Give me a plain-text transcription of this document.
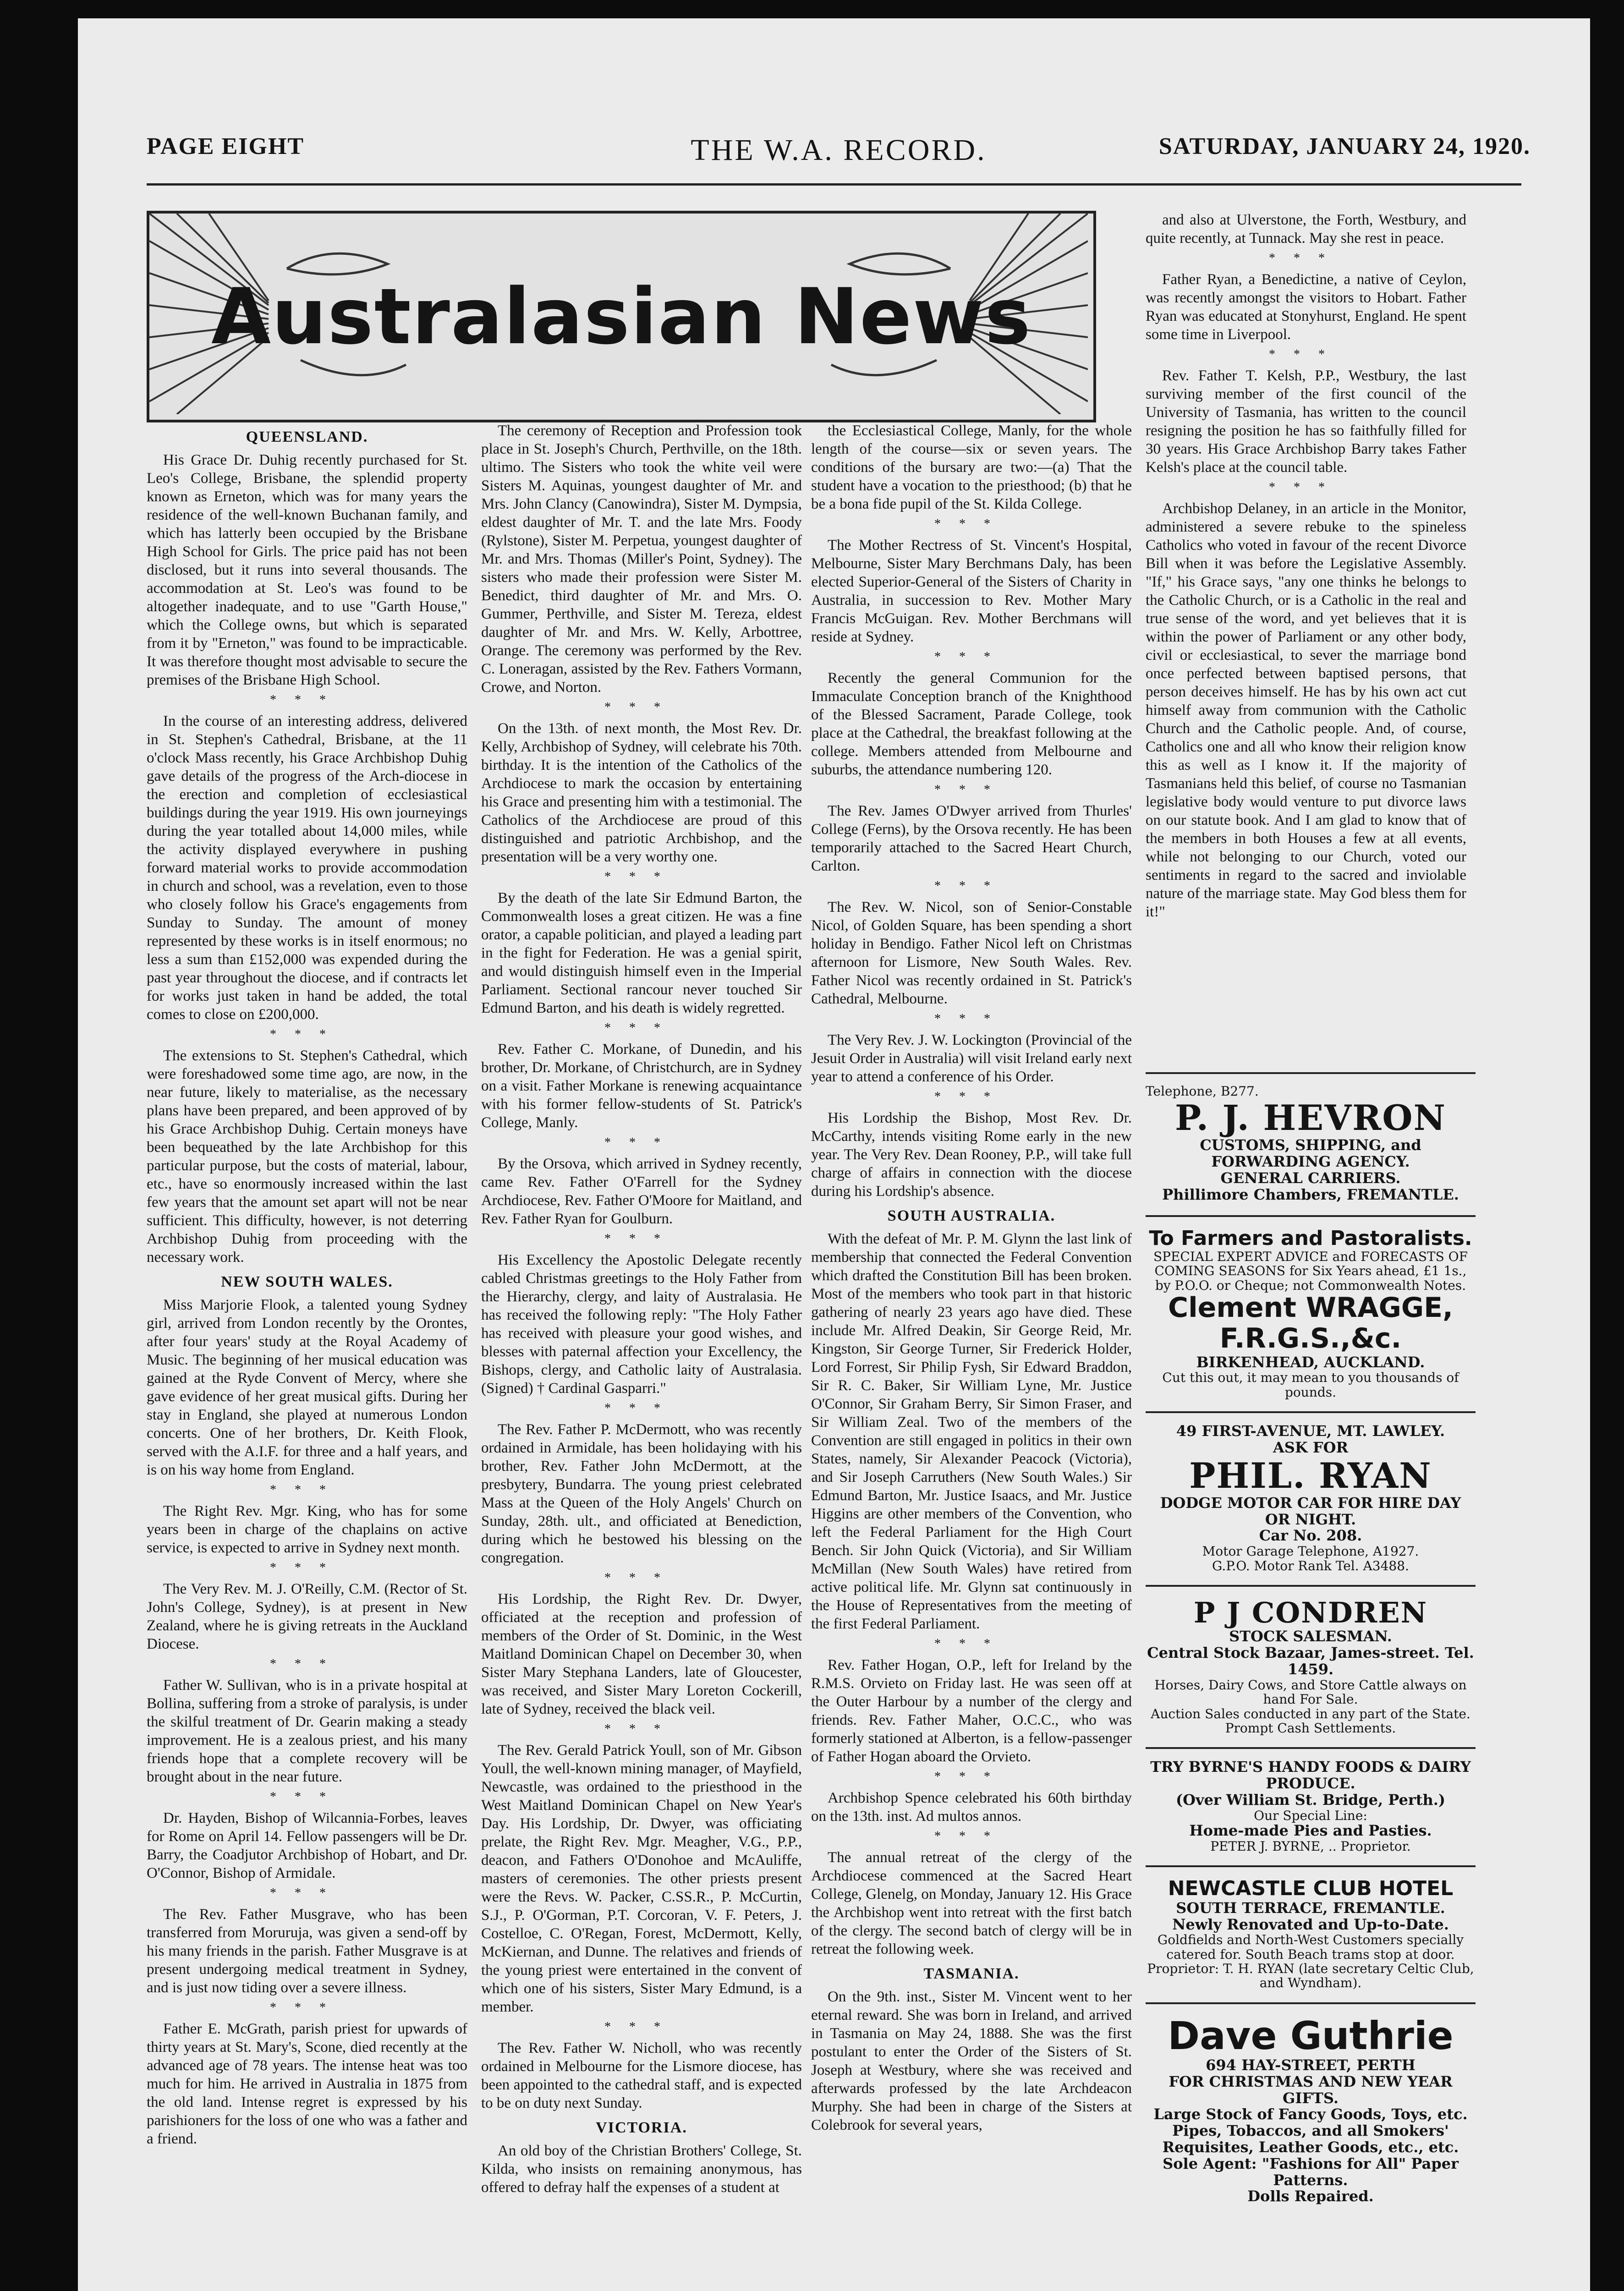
THE W.A. RECORD.
PAGE EIGHT	SATURDAY, JANUARY 24, 1920.
Australasian News
QUEENSLAND.

His Grace Dr. Duhig recently purchased for St. Leo's College, Brisbane, the splendid property known as Erneton, which was for many years the residence of the well-known Buchanan family, and which has latterly been occupied by the Brisbane High School for Girls. The price paid has not been disclosed, but it runs into several thousands. The accommodation at St. Leo's was found to be altogether inadequate, and to use "Garth House," which the College owns, but which is separated from it by "Erneton," was found to be impracticable. It was therefore thought most advisable to secure the premises of the Brisbane High School.

***

In the course of an interesting address, delivered in St. Stephen's Cathedral, Brisbane, at the 11 o'clock Mass recently, his Grace Archbishop Duhig gave details of the progress of the Arch-diocese in the erection and completion of ecclesiastical buildings during the year 1919. His own journeyings during the year totalled about 14,000 miles, while the activity displayed everywhere in pushing forward material works to provide accommodation in church and school, was a revelation, even to those who closely follow his Grace's engagements from Sunday to Sunday. The amount of money represented by these works is in itself enormous; no less a sum than £152,000 was expended during the past year throughout the diocese, and if contracts let for works just taken in hand be added, the total comes to close on £200,000.

***

The extensions to St. Stephen's Cathedral, which were foreshadowed some time ago, are now, in the near future, likely to materialise, as the necessary plans have been prepared, and been approved of by his Grace Archbishop Duhig. Certain moneys have been bequeathed by the late Archbishop for this particular purpose, but the costs of material, labour, etc., have so enormously increased within the last few years that the amount set apart will not be near sufficient. This difficulty, however, is not deterring Archbishop Duhig from proceeding with the necessary work.

NEW SOUTH WALES.

Miss Marjorie Flook, a talented young Sydney girl, arrived from London recently by the Orontes, after four years' study at the Royal Academy of Music. The beginning of her musical education was gained at the Ryde Convent of Mercy, where she gave evidence of her great musical gifts. During her stay in England, she played at numerous London concerts. One of her brothers, Dr. Keith Flook, served with the A.I.F. for three and a half years, and is on his way home from England.

***

The Right Rev. Mgr. King, who has for some years been in charge of the chaplains on active service, is expected to arrive in Sydney next month.

***

The Very Rev. M. J. O'Reilly, C.M. (Rector of St. John's College, Sydney), is at present in New Zealand, where he is giving retreats in the Auckland Diocese.

***

Father W. Sullivan, who is in a private hospital at Bollina, suffering from a stroke of paralysis, is under the skilful treatment of Dr. Gearin making a steady improvement. He is a zealous priest, and his many friends hope that a complete recovery will be brought about in the near future.

***

Dr. Hayden, Bishop of Wilcannia-Forbes, leaves for Rome on April 14. Fellow passengers will be Dr. Barry, the Coadjutor Archbishop of Hobart, and Dr. O'Connor, Bishop of Armidale.

***

The Rev. Father Musgrave, who has been transferred from Moruruja, was given a send-off by his many friends in the parish. Father Musgrave is at present undergoing medical treatment in Sydney, and is just now tiding over a severe illness.

***

Father E. McGrath, parish priest for upwards of thirty years at St. Mary's, Scone, died recently at the advanced age of 78 years. The intense heat was too much for him. He arrived in Australia in 1875 from the old land. Intense regret is expressed by his parishioners for the loss of one who was a father and a friend.

The ceremony of Reception and Profession took place in St. Joseph's Church, Perthville, on the 18th. ultimo. The Sisters who took the white veil were Sisters M. Aquinas, youngest daughter of Mr. and Mrs. John Clancy (Canowindra), Sister M. Dympsia, eldest daughter of Mr. T. and the late Mrs. Foody (Rylstone), Sister M. Perpetua, youngest daughter of Mr. and Mrs. Thomas (Miller's Point, Sydney). The sisters who made their profession were Sister M. Benedict, third daughter of Mr. and Mrs. O. Gummer, Perthville, and Sister M. Tereza, eldest daughter of Mr. and Mrs. W. Kelly, Arbottree, Orange. The ceremony was performed by the Rev. C. Loneragan, assisted by the Rev. Fathers Vormann, Crowe, and Norton.

***

On the 13th. of next month, the Most Rev. Dr. Kelly, Archbishop of Sydney, will celebrate his 70th. birthday. It is the intention of the Catholics of the Archdiocese to mark the occasion by entertaining his Grace and presenting him with a testimonial. The Catholics of the Archdiocese are proud of this distinguished and patriotic Archbishop, and the presentation will be a very worthy one.

***

By the death of the late Sir Edmund Barton, the Commonwealth loses a great citizen. He was a fine orator, a capable politician, and played a leading part in the fight for Federation. He was a genial spirit, and would distinguish himself even in the Imperial Parliament. Sectional rancour never touched Sir Edmund Barton, and his death is widely regretted.

***

Rev. Father C. Morkane, of Dunedin, and his brother, Dr. Morkane, of Christchurch, are in Sydney on a visit. Father Morkane is renewing acquaintance with his former fellow-students of St. Patrick's College, Manly.

***

By the Orsova, which arrived in Sydney recently, came Rev. Father O'Farrell for the Sydney Archdiocese, Rev. Father O'Moore for Maitland, and Rev. Father Ryan for Goulburn.

***

His Excellency the Apostolic Delegate recently cabled Christmas greetings to the Holy Father from the Hierarchy, clergy, and laity of Australasia. He has received the following reply: "The Holy Father has received with pleasure your good wishes, and blesses with paternal affection your Excellency, the Bishops, clergy, and Catholic laity of Australasia. (Signed) † Cardinal Gasparri."

***

The Rev. Father P. McDermott, who was recently ordained in Armidale, has been holidaying with his brother, Rev. Father John McDermott, at the presbytery, Bundarra. The young priest celebrated Mass at the Queen of the Holy Angels' Church on Sunday, 28th. ult., and officiated at Benediction, during which he bestowed his blessing on the congregation.

***

His Lordship, the Right Rev. Dr. Dwyer, officiated at the reception and profession of members of the Order of St. Dominic, in the West Maitland Dominican Chapel on December 30, when Sister Mary Stephana Landers, late of Gloucester, was received, and Sister Mary Loreton Cockerill, late of Sydney, received the black veil.

***

The Rev. Gerald Patrick Youll, son of Mr. Gibson Youll, the well-known mining manager, of Mayfield, Newcastle, was ordained to the priesthood in the West Maitland Dominican Chapel on New Year's Day. His Lordship, Dr. Dwyer, was officiating prelate, the Right Rev. Mgr. Meagher, V.G., P.P., deacon, and Fathers O'Donohoe and McAuliffe, masters of ceremonies. The other priests present were the Revs. W. Packer, C.SS.R., P. McCurtin, S.J., P. O'Gorman, P.T. Corcoran, V. F. Peters, J. Costelloe, C. O'Regan, Forest, McDermott, Kelly, McKiernan, and Dunne. The relatives and friends of the young priest were entertained in the convent of which one of his sisters, Sister Mary Edmund, is a member.

***

The Rev. Father W. Nicholl, who was recently ordained in Melbourne for the Lismore diocese, has been appointed to the cathedral staff, and is expected to be on duty next Sunday.

VICTORIA.

An old boy of the Christian Brothers' College, St. Kilda, who insists on remaining anonymous, has offered to defray half the expenses of a student at

the Ecclesiastical College, Manly, for the whole length of the course—six or seven years. The conditions of the bursary are two:—(a) That the student have a vocation to the priesthood; (b) that he be a bona fide pupil of the St. Kilda College.

***

The Mother Rectress of St. Vincent's Hospital, Melbourne, Sister Mary Berchmans Daly, has been elected Superior-General of the Sisters of Charity in Australia, in succession to Rev. Mother Mary Francis McGuigan. Rev. Mother Berchmans will reside at Sydney.

***

Recently the general Communion for the Immaculate Conception branch of the Knighthood of the Blessed Sacrament, Parade College, took place at the Cathedral, the breakfast following at the college. Members attended from Melbourne and suburbs, the attendance numbering 120.

***

The Rev. James O'Dwyer arrived from Thurles' College (Ferns), by the Orsova recently. He has been temporarily attached to the Sacred Heart Church, Carlton.

***

The Rev. W. Nicol, son of Senior-Constable Nicol, of Golden Square, has been spending a short holiday in Bendigo. Father Nicol left on Christmas afternoon for Lismore, New South Wales. Rev. Father Nicol was recently ordained in St. Patrick's Cathedral, Melbourne.

***

The Very Rev. J. W. Lockington (Provincial of the Jesuit Order in Australia) will visit Ireland early next year to attend a conference of his Order.

***

His Lordship the Bishop, Most Rev. Dr. McCarthy, intends visiting Rome early in the new year. The Very Rev. Dean Rooney, P.P., will take full charge of affairs in connection with the diocese during his Lordship's absence.

SOUTH AUSTRALIA.

With the defeat of Mr. P. M. Glynn the last link of membership that connected the Federal Convention which drafted the Constitution Bill has been broken. Most of the members who took part in that historic gathering of nearly 23 years ago have died. These include Mr. Alfred Deakin, Sir George Reid, Mr. Kingston, Sir George Turner, Sir Frederick Holder, Lord Forrest, Sir Philip Fysh, Sir Edward Braddon, Sir R. C. Baker, Sir William Lyne, Mr. Justice O'Connor, Sir Graham Berry, Sir Simon Fraser, and Sir William Zeal. Two of the members of the Convention are still engaged in politics in their own States, namely, Sir Alexander Peacock (Victoria), and Sir Joseph Carruthers (New South Wales.) Sir Edmund Barton, Mr. Justice Isaacs, and Mr. Justice Higgins are other members of the Convention, who left the Federal Parliament for the High Court Bench. Sir John Quick (Victoria), and Sir William McMillan (New South Wales) have retired from active political life. Mr. Glynn sat continuously in the House of Representatives from the meeting of the first Federal Parliament.

***

Rev. Father Hogan, O.P., left for Ireland by the R.M.S. Orvieto on Friday last. He was seen off at the Outer Harbour by a number of the clergy and friends. Rev. Father Maher, O.C.C., who was formerly stationed at Alberton, is a fellow-passenger of Father Hogan aboard the Orvieto.

***

Archbishop Spence celebrated his 60th birthday on the 13th. inst. Ad multos annos.

***

The annual retreat of the clergy of the Archdiocese commenced at the Sacred Heart College, Glenelg, on Monday, January 12. His Grace the Archbishop went into retreat with the first batch of the clergy. The second batch of clergy will be in retreat the following week.

TASMANIA.

On the 9th. inst., Sister M. Vincent went to her eternal reward. She was born in Ireland, and arrived in Tasmania on May 24, 1888. She was the first postulant to enter the Order of the Sisters of St. Joseph at Westbury, where she was received and afterwards professed by the late Archdeacon Murphy. She had been in charge of the Sisters at Colebrook for several years,

and also at Ulverstone, the Forth, Westbury, and quite recently, at Tunnack. May she rest in peace.

***

Father Ryan, a Benedictine, a native of Ceylon, was recently amongst the visitors to Hobart. Father Ryan was educated at Stonyhurst, England. He spent some time in Liverpool.

***

Rev. Father T. Kelsh, P.P., Westbury, the last surviving member of the first council of the University of Tasmania, has written to the council resigning the position he has so faithfully filled for 30 years. His Grace Archbishop Barry takes Father Kelsh's place at the council table.

***

Archbishop Delaney, in an article in the Monitor, administered a severe rebuke to the spineless Catholics who voted in favour of the recent Divorce Bill when it was before the Legislative Assembly. "If," his Grace says, "any one thinks he belongs to the Catholic Church, or is a Catholic in the real and true sense of the word, and yet believes that it is within the power of Parliament or any other body, civil or ecclesiastical, to sever the marriage bond once perfected between baptised persons, that person deceives himself. He has by his own act cut himself away from communion with the Catholic Church and the Catholic people. And, of course, Catholics one and all who know their religion know this as well as I know it. If the majority of Tasmanians held this belief, of course no Tasmanian legislative body would venture to put divorce laws on our statute book. And I am glad to know that of the members in both Houses a few at all events, while not belonging to our Church, voted our sentiments in regard to the sacred and inviolable nature of the marriage state. May God bless them for it!"

Telephone, B277.
P. J. HEVRON
CUSTOMS, SHIPPING, and FORWARDING AGENCY.
GENERAL CARRIERS.
Phillimore Chambers, FREMANTLE.
To Farmers and Pastoralists.
SPECIAL EXPERT ADVICE and FORECASTS OF COMING SEASONS for Six Years ahead, £1 1s., by P.O.O. or Cheque; not Commonwealth Notes.
Clement WRAGGE, F.R.G.S.,&c.
BIRKENHEAD, AUCKLAND.
Cut this out, it may mean to you thousands of pounds.
49 FIRST-AVENUE, MT. LAWLEY.
ASK FOR
PHIL. RYAN
DODGE MOTOR CAR FOR HIRE DAY OR NIGHT.
Car No. 208.
Motor Garage Telephone, A1927.
G.P.O. Motor Rank Tel. A3488.
P J CONDREN
STOCK SALESMAN.
Central Stock Bazaar, James-street. Tel. 1459.
Horses, Dairy Cows, and Store Cattle always on hand For Sale.
Auction Sales conducted in any part of the State.
Prompt Cash Settlements.
TRY BYRNE'S HANDY FOODS & DAIRY PRODUCE.
(Over William St. Bridge, Perth.)
Our Special Line:
Home-made Pies and Pasties.
PETER J. BYRNE, .. Proprietor.
NEWCASTLE CLUB HOTEL
SOUTH TERRACE, FREMANTLE.
Newly Renovated and Up-to-Date.
Goldfields and North-West Customers specially catered for. South Beach trams stop at door.
Proprietor: T. H. RYAN (late secretary Celtic Club, and Wyndham).
Dave Guthrie
694 HAY-STREET, PERTH
FOR CHRISTMAS AND NEW YEAR GIFTS.
Large Stock of Fancy Goods, Toys, etc. Pipes, Tobaccos, and all Smokers' Requisites, Leather Goods, etc., etc.
Sole Agent: "Fashions for All" Paper Patterns.
Dolls Repaired.
